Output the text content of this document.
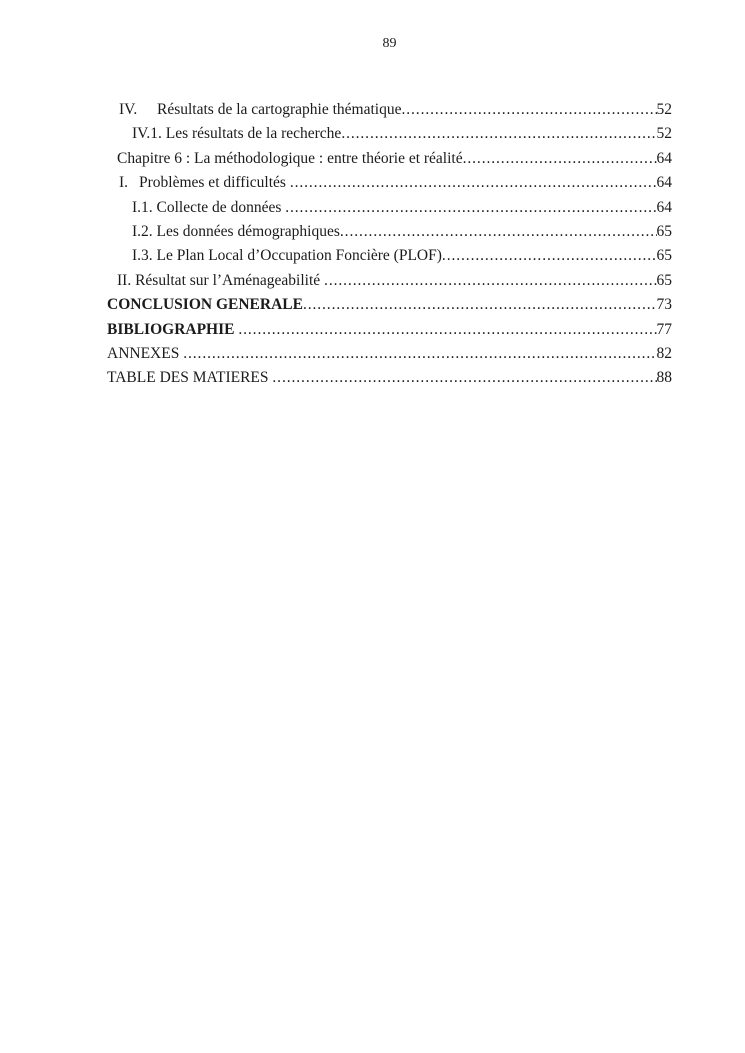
89
IV.	Résultats de la cartographie thématique .....	52
IV.1. Les résultats de la recherche .....	52
Chapitre 6 : La méthodologique : entre théorie et réalité .....	64
I. Problèmes et difficultés .....	64
I.1. Collecte de données .....	64
I.2. Les données démographiques .....	65
I.3. Le Plan Local d’Occupation Foncière (PLOF) .....	65
II. Résultat sur l’Aménageabilité .....	65
CONCLUSION GENERALE .....	73
BIBLIOGRAPHIE .....	77
ANNEXES .....	82
TABLE DES MATIERES .....	88
